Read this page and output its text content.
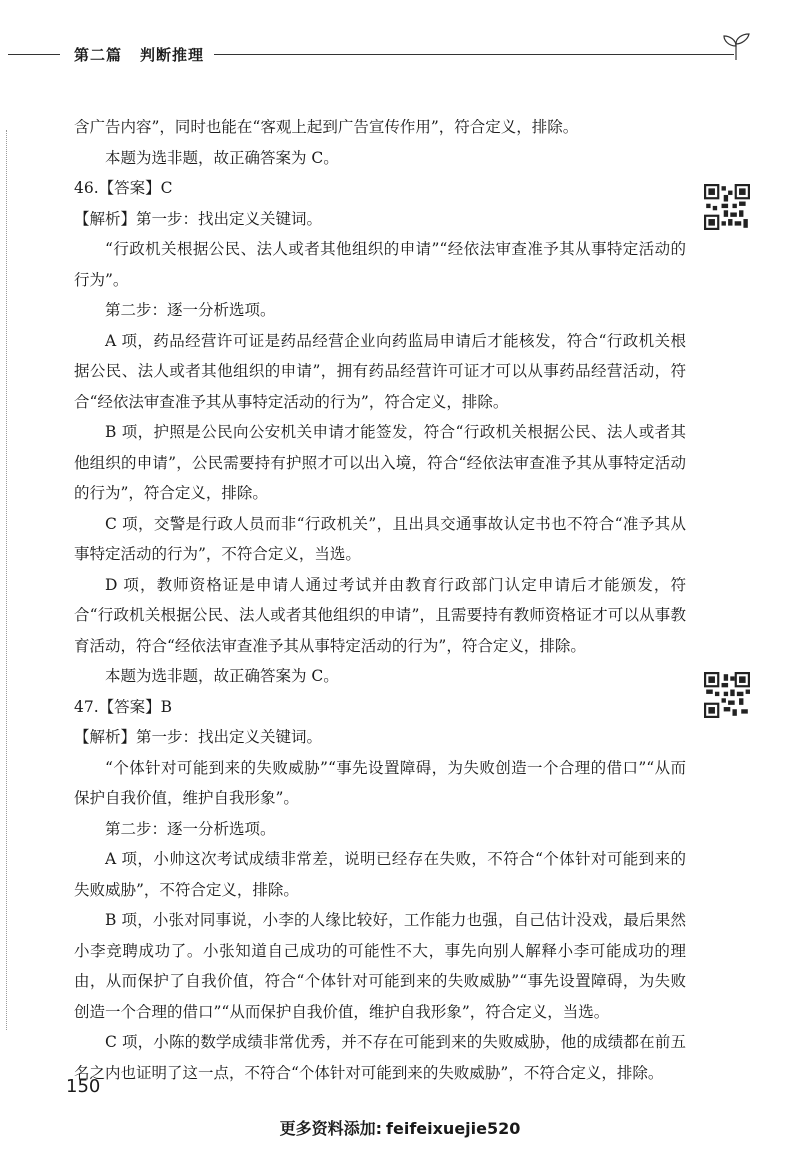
第二篇 判断推理

含广告内容”，同时也能在“客观上起到广告宣传作用”，符合定义，排除。

本题为选非题，故正确答案为 C。

46.【答案】C

【解析】第一步：找出定义关键词。

“行政机关根据公民、法人或者其他组织的申请”“经依法审查准予其从事特定活动的行为”。

第二步：逐一分析选项。

A 项，药品经营许可证是药品经营企业向药监局申请后才能核发，符合“行政机关根据公民、法人或者其他组织的申请”，拥有药品经营许可证才可以从事药品经营活动，符合“经依法审查准予其从事特定活动的行为”，符合定义，排除。

B 项，护照是公民向公安机关申请才能签发，符合“行政机关根据公民、法人或者其他组织的申请”，公民需要持有护照才可以出入境，符合“经依法审查准予其从事特定活动的行为”，符合定义，排除。

C 项，交警是行政人员而非“行政机关”，且出具交通事故认定书也不符合“准予其从事特定活动的行为”，不符合定义，当选。

D 项，教师资格证是申请人通过考试并由教育行政部门认定申请后才能颁发，符合“行政机关根据公民、法人或者其他组织的申请”，且需要持有教师资格证才可以从事教育活动，符合“经依法审查准予其从事特定活动的行为”，符合定义，排除。

本题为选非题，故正确答案为 C。

47.【答案】B

【解析】第一步：找出定义关键词。

“个体针对可能到来的失败威胁”“事先设置障碍，为失败创造一个合理的借口”“从而保护自我价值，维护自我形象”。

第二步：逐一分析选项。

A 项，小帅这次考试成绩非常差，说明已经存在失败，不符合“个体针对可能到来的失败威胁”，不符合定义，排除。

B 项，小张对同事说，小李的人缘比较好，工作能力也强，自己估计没戏，最后果然小李竞聘成功了。小张知道自己成功的可能性不大，事先向别人解释小李可能成功的理由，从而保护了自我价值，符合“个体针对可能到来的失败威胁”“事先设置障碍，为失败创造一个合理的借口”“从而保护自我价值，维护自我形象”，符合定义，当选。

C 项，小陈的数学成绩非常优秀，并不存在可能到来的失败威胁，他的成绩都在前五名之内也证明了这一点，不符合“个体针对可能到来的失败威胁”，不符合定义，排除。

150
更多资料添加: feifeixuejie520
